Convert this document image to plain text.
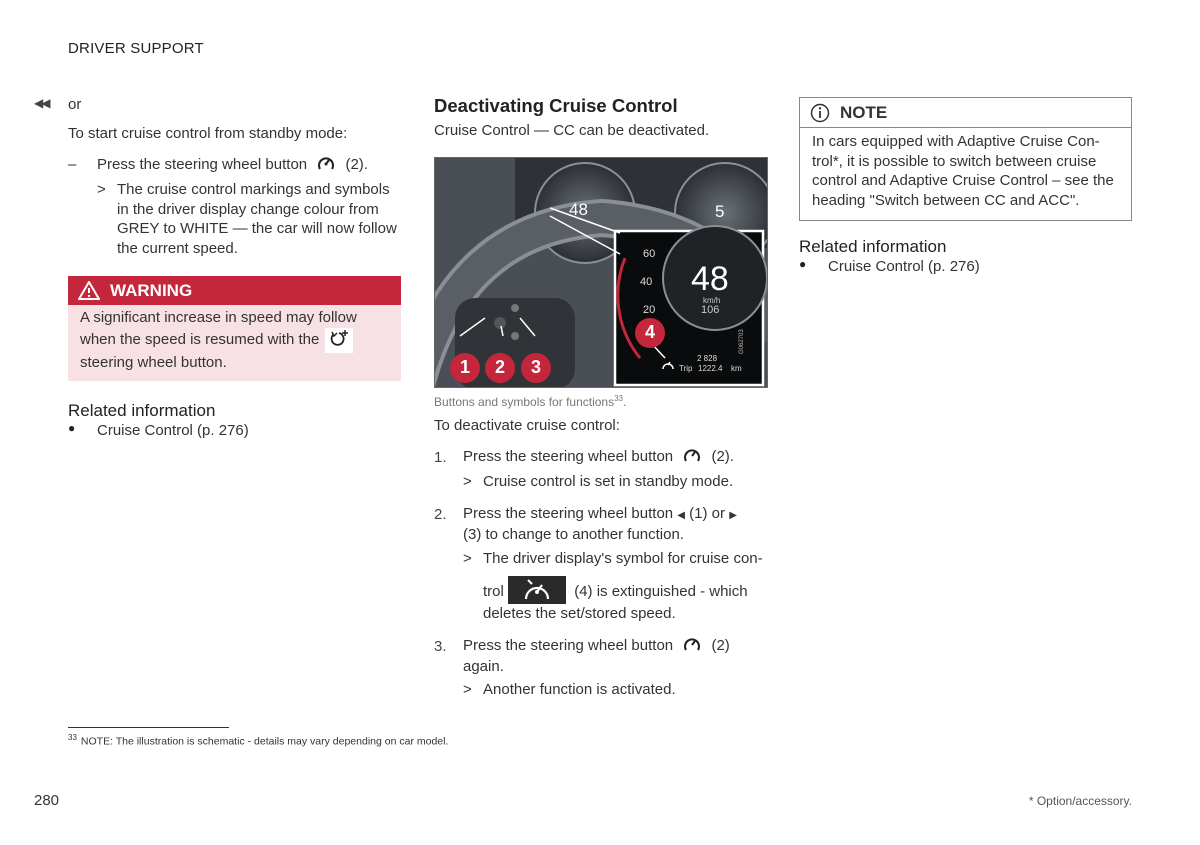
DRIVER SUPPORT
◀◀ or

To start cruise control from standby mode:

– Press the steering wheel button	(2).
> The cruise control markings and symbols in the driver display change colour from GREY to WHITE — the car will now follow the current speed.

WARNING

A significant increase in speed may follow

when the speed is resumed with the

steering wheel button.

Related information
● Cruise Control (p. 276)
Deactivating Cruise Control

Cruise Control — CC can be deactivated.

48	5
48
km/h
106
60
40
20
2 828
Trip 1222.4 km
G062703
1	2	3
4
Buttons and symbols for functions$^{33}$.

To deactivate cruise control:

1. Press the steering wheel button	(2).
> Cruise control is set in standby mode.

2. Press the steering wheel button ◀ (1) or ▶
(3) to change to another function.

> The driver display's symbol for cruise con-

trol	(4) is extinguished - which

deletes the set/stored speed.

3. Press the steering wheel button	(2)

again.

> Another function is activated.

NOTE

In cars equipped with Adaptive Cruise Con-trol*, it is possible to switch between cruise control and Adaptive Cruise Control – see the heading "Switch between CC and ACC".

Related information
● Cruise Control (p. 276)
$^{33}$ NOTE: The illustration is schematic - details may vary depending on car model.
280	* Option/accessory.
